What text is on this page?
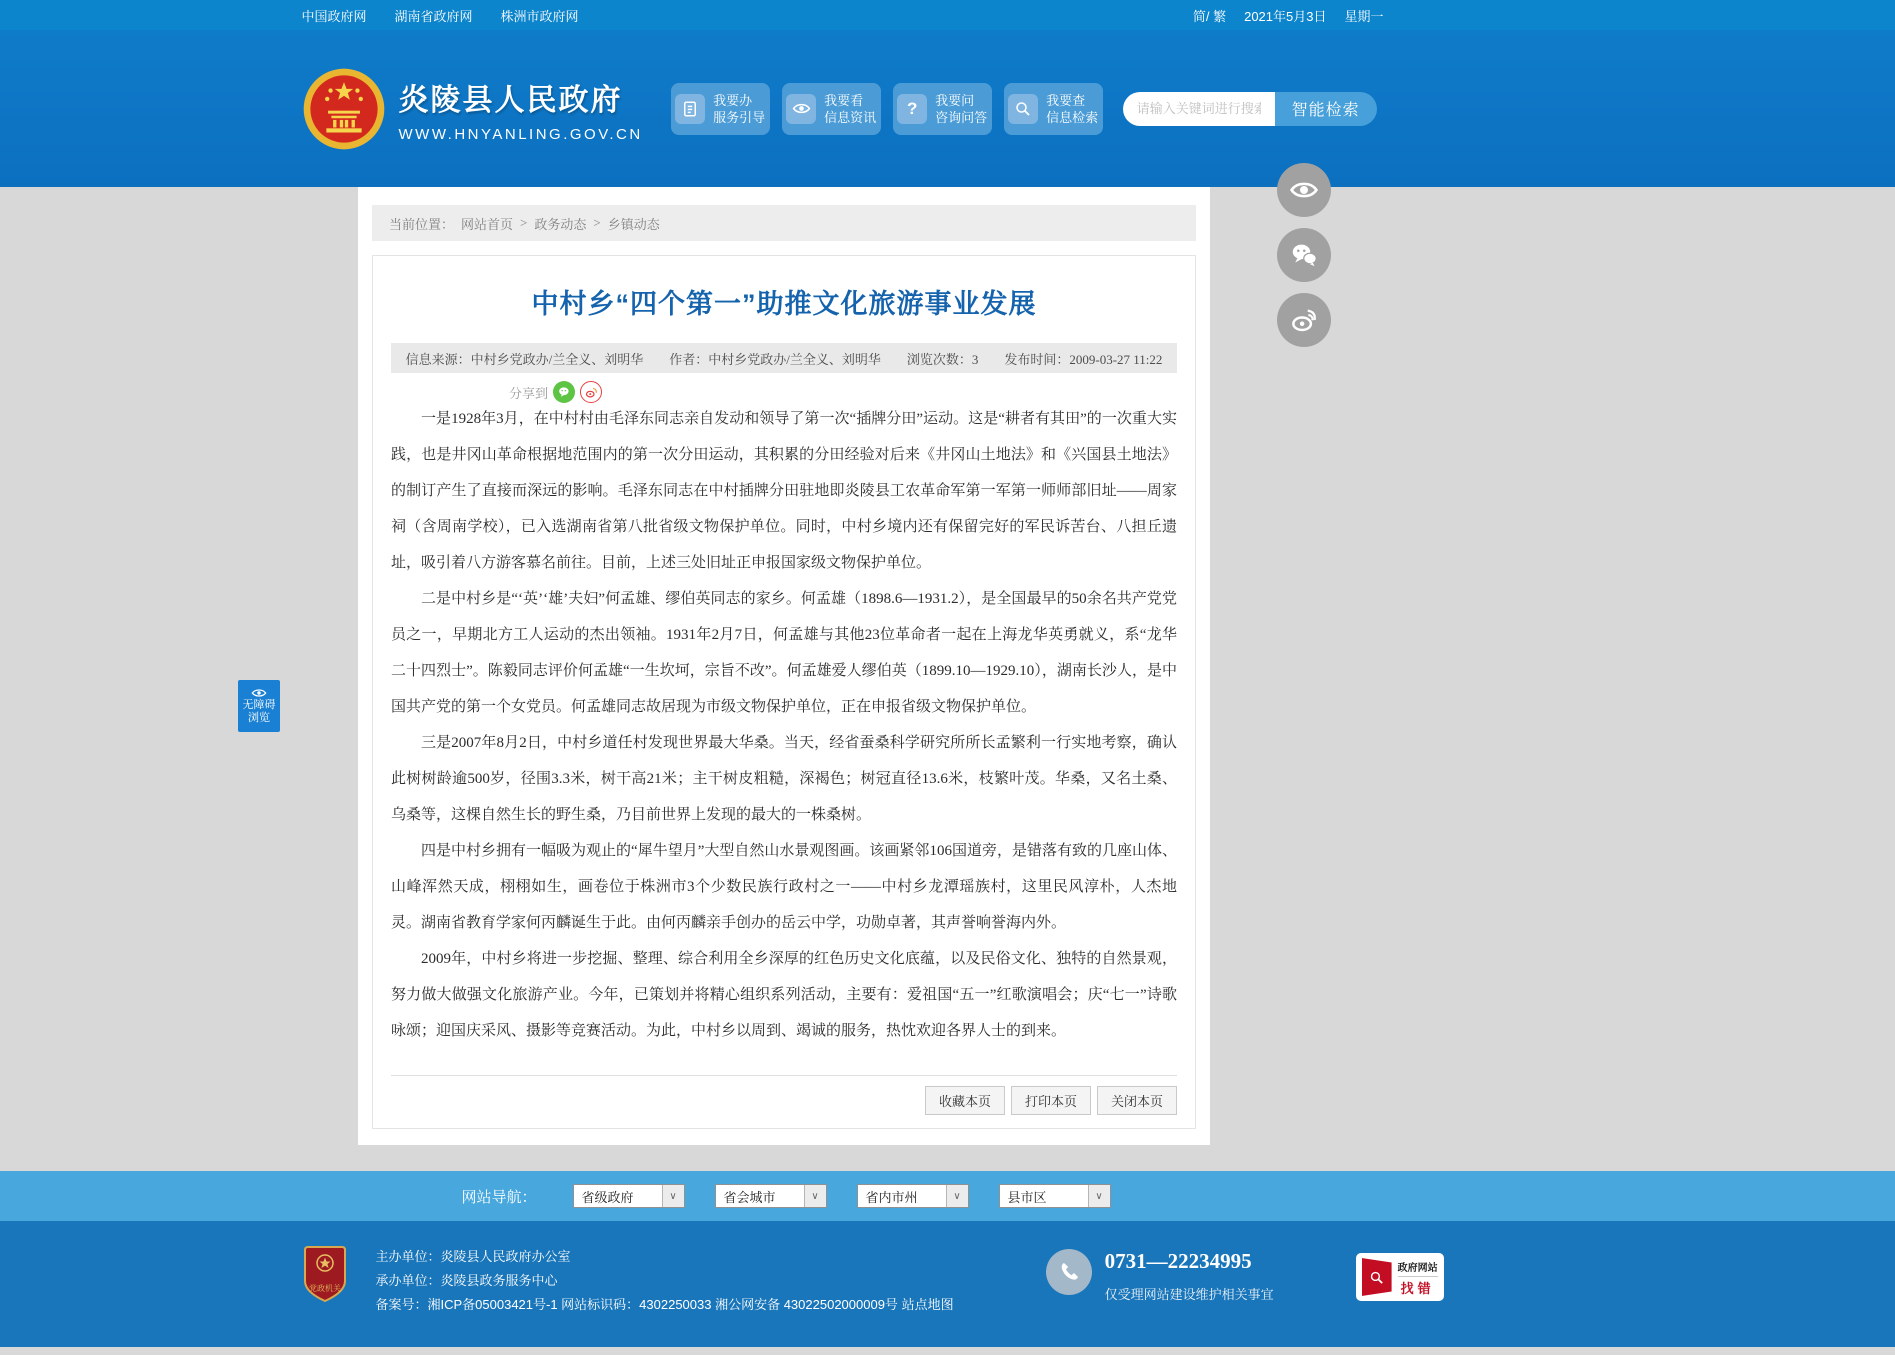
中国政府网 湖南省政府网 株洲市政府网	简/ 繁 2021年5月3日 星期一
炎陵县人民政府
WWW.HNYANLING.GOV.CN
我要办
服务引导
我要看
信息资讯	?	我要问
咨询问答
我要查
信息检索
请输入关键词进行搜索	智能检索
当前位置： 网站首页 > 政务动态 > 乡镇动态
中村乡“四个第一”助推文化旅游事业发展
信息来源：中村乡党政办/兰全义、刘明华 作者：中村乡党政办/兰全义、刘明华 浏览次数：3 发布时间：2009-03-27 11:22
分享到

一是1928年3月，在中村村由毛泽东同志亲自发动和领导了第一次“插牌分田”运动。这是“耕者有其田”的一次重大实践，也是井冈山革命根据地范围内的第一次分田运动，其积累的分田经验对后来《井冈山土地法》和《兴国县土地法》的制订产生了直接而深远的影响。毛泽东同志在中村插牌分田驻地即炎陵县工农革命军第一军第一师师部旧址——周家祠（含周南学校），已入选湖南省第八批省级文物保护单位。同时，中村乡境内还有保留完好的军民诉苦台、八担丘遗址，吸引着八方游客慕名前往。目前，上述三处旧址正申报国家级文物保护单位。

二是中村乡是“‘英’‘雄’夫妇”何孟雄、缪伯英同志的家乡。何孟雄（1898.6—1931.2），是全国最早的50余名共产党党员之一，早期北方工人运动的杰出领袖。1931年2月7日，何孟雄与其他23位革命者一起在上海龙华英勇就义，系“龙华二十四烈士”。陈毅同志评价何孟雄“一生坎坷，宗旨不改”。何孟雄爱人缪伯英（1899.10—1929.10），湖南长沙人，是中国共产党的第一个女党员。何孟雄同志故居现为市级文物保护单位，正在申报省级文物保护单位。

三是2007年8月2日，中村乡道任村发现世界最大华桑。当天，经省蚕桑科学研究所所长孟繁利一行实地考察，确认此树树龄逾500岁，径围3.3米，树干高21米；主干树皮粗糙，深褐色；树冠直径13.6米，枝繁叶茂。华桑，又名土桑、乌桑等，这棵自然生长的野生桑，乃目前世界上发现的最大的一株桑树。

四是中村乡拥有一幅吸为观止的“犀牛望月”大型自然山水景观图画。该画紧邻106国道旁，是错落有致的几座山体、山峰浑然天成，栩栩如生，画卷位于株洲市3个少数民族行政村之一——中村乡龙潭瑶族村，这里民风淳朴，人杰地灵。湖南省教育学家何丙麟诞生于此。由何丙麟亲手创办的岳云中学，功勋卓著，其声誉响誉海内外。

2009年，中村乡将进一步挖掘、整理、综合利用全乡深厚的红色历史文化底蕴，以及民俗文化、独特的自然景观，努力做大做强文化旅游产业。今年，已策划并将精心组织系列活动，主要有：爱祖国“五一”红歌演唱会；庆“七一”诗歌咏颂；迎国庆采风、摄影等竞赛活动。为此，中村乡以周到、竭诚的服务，热忱欢迎各界人士的到来。

收藏本页	打印本页	关闭本页
无障碍
浏览
网站导航：	省级政府	∨	省会城市	∨	省内市州	∨	县市区	∨
党政机关
主办单位：炎陵县人民政府办公室
承办单位：炎陵县政务服务中心
备案号：湘ICP备05003421号-1 网站标识码：4302250033 湘公网安备 43022502000009号 站点地图
0731—22234995
仅受理网站建设维护相关事宜
政府网站
找错
